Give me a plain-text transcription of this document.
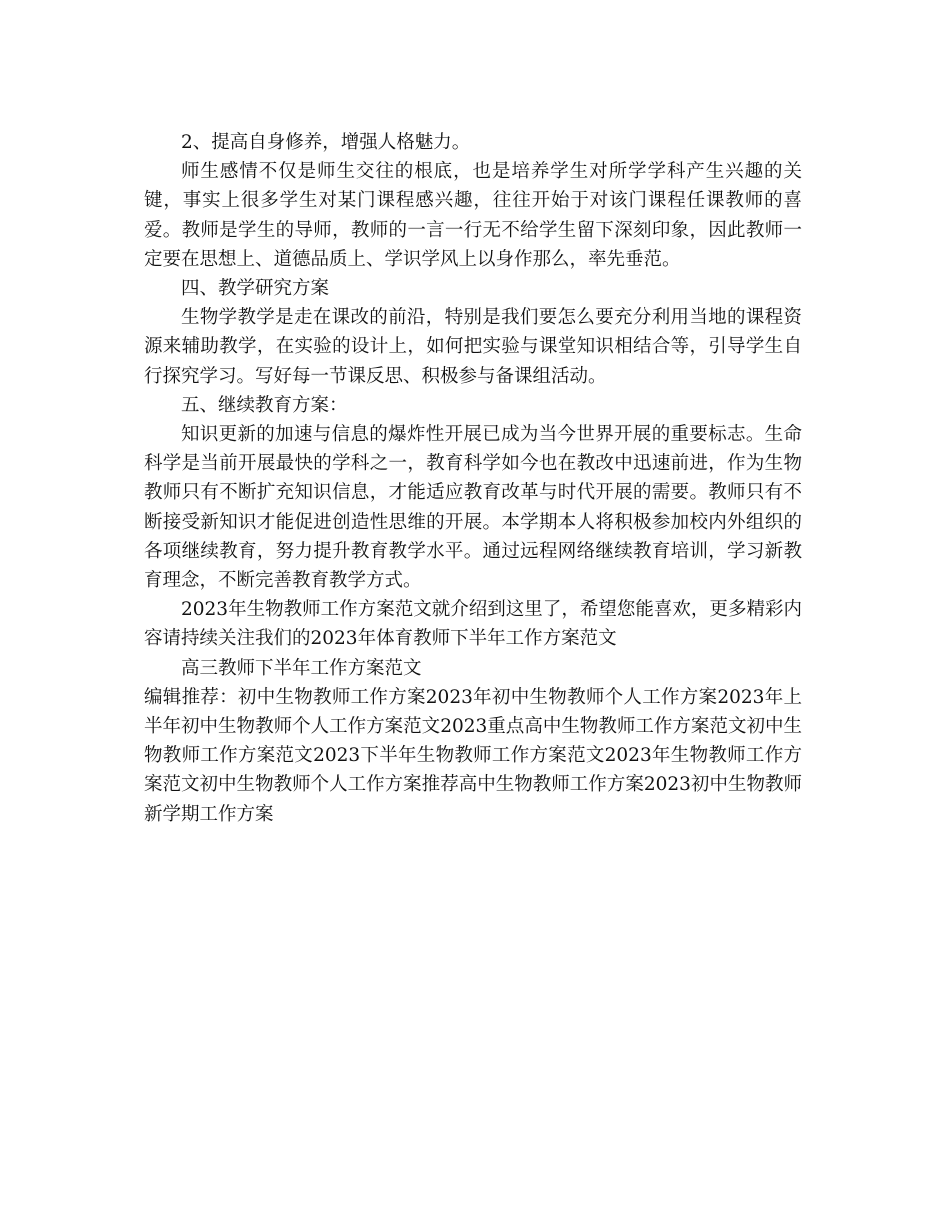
2、提高自身修养，增强人格魅力。

师生感情不仅是师生交往的根底，也是培养学生对所学学科产生兴趣的关键，事实上很多学生对某门课程感兴趣，往往开始于对该门课程任课教师的喜爱。教师是学生的导师，教师的一言一行无不给学生留下深刻印象，因此教师一定要在思想上、道德品质上、学识学风上以身作那么，率先垂范。

四、教学研究方案

生物学教学是走在课改的前沿，特别是我们要怎么要充分利用当地的课程资源来辅助教学，在实验的设计上，如何把实验与课堂知识相结合等，引导学生自行探究学习。写好每一节课反思、积极参与备课组活动。

五、继续教育方案：

知识更新的加速与信息的爆炸性开展已成为当今世界开展的重要标志。生命科学是当前开展最快的学科之一，教育科学如今也在教改中迅速前进，作为生物教师只有不断扩充知识信息，才能适应教育改革与时代开展的需要。教师只有不断接受新知识才能促进创造性思维的开展。本学期本人将积极参加校内外组织的各项继续教育，努力提升教育教学水平。通过远程网络继续教育培训，学习新教育理念，不断完善教育教学方式。

2023年生物教师工作方案范文就介绍到这里了，希望您能喜欢，更多精彩内容请持续关注我们的2023年体育教师下半年工作方案范文

高三教师下半年工作方案范文

编辑推荐：初中生物教师工作方案2023年初中生物教师个人工作方案2023年上半年初中生物教师个人工作方案范文2023重点高中生物教师工作方案范文初中生物教师工作方案范文2023下半年生物教师工作方案范文2023年生物教师工作方案范文初中生物教师个人工作方案推荐高中生物教师工作方案2023初中生物教师新学期工作方案
